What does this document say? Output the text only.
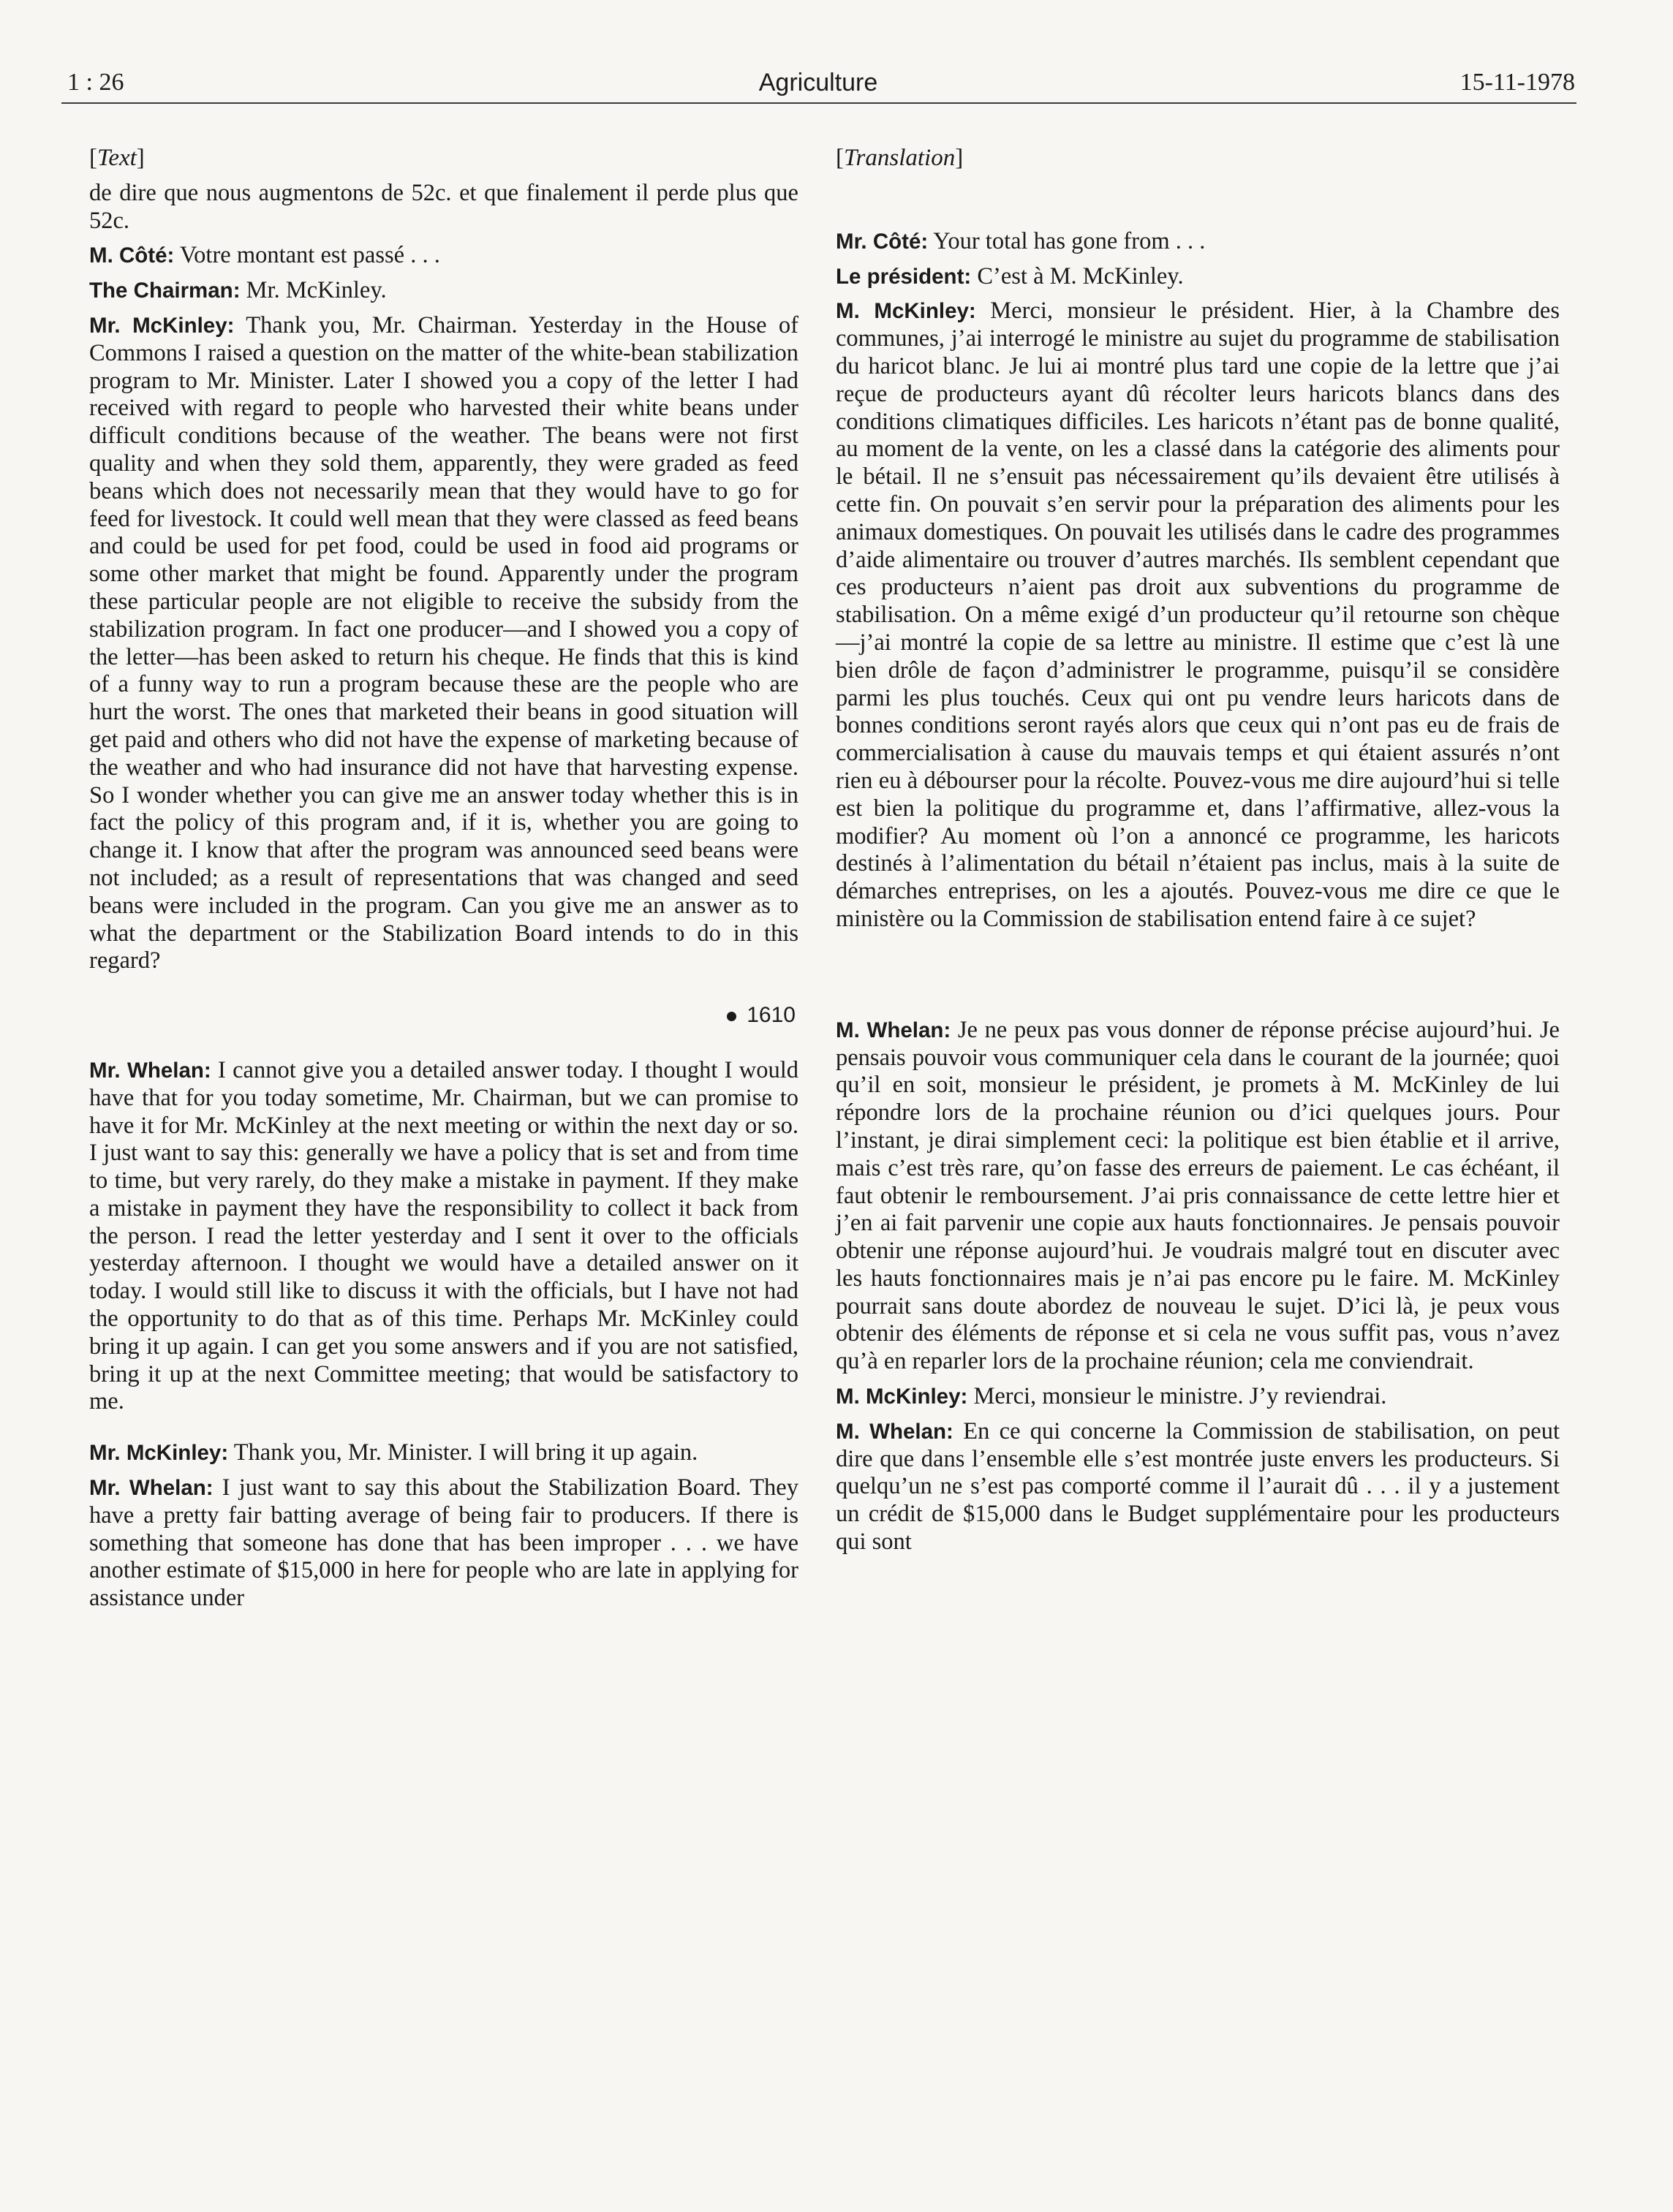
1 : 26	Agriculture	15-11-1978
[Text]

de dire que nous augmentons de 52c. et que finalement il perde plus que 52c.

M. Côté: Votre montant est passé . . .

The Chairman: Mr. McKinley.

Mr. McKinley: Thank you, Mr. Chairman. Yesterday in the House of Commons I raised a question on the matter of the white-bean stabilization program to Mr. Minister. Later I showed you a copy of the letter I had received with regard to people who harvested their white beans under difficult conditions because of the weather. The beans were not first quality and when they sold them, apparently, they were graded as feed beans which does not necessarily mean that they would have to go for feed for livestock. It could well mean that they were classed as feed beans and could be used for pet food, could be used in food aid programs or some other market that might be found. Apparently under the program these particular people are not eligible to receive the subsidy from the stabilization program. In fact one producer—and I showed you a copy of the letter—has been asked to return his cheque. He finds that this is kind of a funny way to run a program because these are the people who are hurt the worst. The ones that marketed their beans in good situation will get paid and others who did not have the expense of marketing because of the weather and who had insurance did not have that harvesting expense. So I wonder whether you can give me an answer today whether this is in fact the policy of this program and, if it is, whether you are going to change it. I know that after the program was announced seed beans were not included; as a result of representations that was changed and seed beans were included in the program. Can you give me an answer as to what the department or the Stabilization Board intends to do in this regard?

1610

Mr. Whelan: I cannot give you a detailed answer today. I thought I would have that for you today sometime, Mr. Chairman, but we can promise to have it for Mr. McKinley at the next meeting or within the next day or so. I just want to say this: generally we have a policy that is set and from time to time, but very rarely, do they make a mistake in payment. If they make a mistake in payment they have the responsibility to collect it back from the person. I read the letter yesterday and I sent it over to the officials yesterday afternoon. I thought we would have a detailed answer on it today. I would still like to discuss it with the officials, but I have not had the opportunity to do that as of this time. Perhaps Mr. McKinley could bring it up again. I can get you some answers and if you are not satisfied, bring it up at the next Committee meeting; that would be satisfactory to me.

Mr. McKinley: Thank you, Mr. Minister. I will bring it up again.

Mr. Whelan: I just want to say this about the Stabilization Board. They have a pretty fair batting average of being fair to producers. If there is something that someone has done that has been improper . . . we have another estimate of $15,000 in here for people who are late in applying for assistance under

[Translation]

Mr. Côté: Your total has gone from . . .

Le président: C’est à M. McKinley.

M. McKinley: Merci, monsieur le président. Hier, à la Chambre des communes, j’ai interrogé le ministre au sujet du programme de stabilisation du haricot blanc. Je lui ai montré plus tard une copie de la lettre que j’ai reçue de producteurs ayant dû récolter leurs haricots blancs dans des conditions climatiques difficiles. Les haricots n’étant pas de bonne qualité, au moment de la vente, on les a classé dans la catégorie des aliments pour le bétail. Il ne s’ensuit pas nécessairement qu’ils devaient être utilisés à cette fin. On pouvait s’en servir pour la préparation des aliments pour les animaux domestiques. On pouvait les utilisés dans le cadre des programmes d’aide alimentaire ou trouver d’autres marchés. Ils semblent cependant que ces producteurs n’aient pas droit aux subventions du programme de stabilisation. On a même exigé d’un producteur qu’il retourne son chèque—j’ai montré la copie de sa lettre au ministre. Il estime que c’est là une bien drôle de façon d’administrer le programme, puisqu’il se considère parmi les plus touchés. Ceux qui ont pu vendre leurs haricots dans de bonnes conditions seront rayés alors que ceux qui n’ont pas eu de frais de commercialisation à cause du mauvais temps et qui étaient assurés n’ont rien eu à débourser pour la récolte. Pouvez-vous me dire aujourd’hui si telle est bien la politique du programme et, dans l’affirmative, allez-vous la modifier? Au moment où l’on a annoncé ce programme, les haricots destinés à l’alimentation du bétail n’étaient pas inclus, mais à la suite de démarches entreprises, on les a ajoutés. Pouvez-vous me dire ce que le ministère ou la Commission de stabilisation entend faire à ce sujet?

M. Whelan: Je ne peux pas vous donner de réponse précise aujourd’hui. Je pensais pouvoir vous communiquer cela dans le courant de la journée; quoi qu’il en soit, monsieur le président, je promets à M. McKinley de lui répondre lors de la prochaine réunion ou d’ici quelques jours. Pour l’instant, je dirai simplement ceci: la politique est bien établie et il arrive, mais c’est très rare, qu’on fasse des erreurs de paiement. Le cas échéant, il faut obtenir le remboursement. J’ai pris connaissance de cette lettre hier et j’en ai fait parvenir une copie aux hauts fonctionnaires. Je pensais pouvoir obtenir une réponse aujourd’hui. Je voudrais malgré tout en discuter avec les hauts fonctionnaires mais je n’ai pas encore pu le faire. M. McKinley pourrait sans doute abordez de nouveau le sujet. D’ici là, je peux vous obtenir des éléments de réponse et si cela ne vous suffit pas, vous n’avez qu’à en reparler lors de la prochaine réunion; cela me conviendrait.

M. McKinley: Merci, monsieur le ministre. J’y reviendrai.

M. Whelan: En ce qui concerne la Commission de stabilisation, on peut dire que dans l’ensemble elle s’est montrée juste envers les producteurs. Si quelqu’un ne s’est pas comporté comme il l’aurait dû . . . il y a justement un crédit de $15,000 dans le Budget supplémentaire pour les producteurs qui sont
